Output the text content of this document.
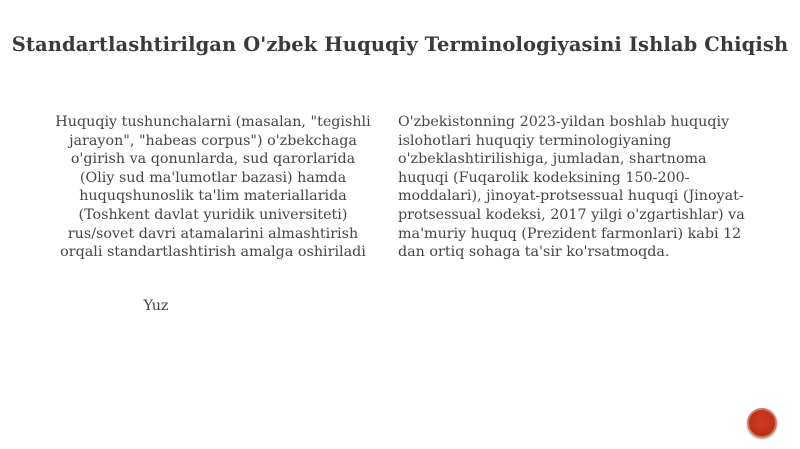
Standartlashtirilgan O'zbek Huquqiy Terminologiyasini Ishlab Chiqish
Huquqiy tushunchalarni (masalan, "tegishli jarayon", "habeas corpus") o'zbekchaga o'girish va qonunlarda, sud qarorlarida (Oliy sud ma'lumotlar bazasi) hamda huquqshunoslik ta'lim materiallarida (Toshkent davlat yuridik universiteti) rus/sovet davri atamalarini almashtirish orqali standartlashtirish amalga oshiriladi
O'zbekistonning 2023-yildan boshlab huquqiy islohotlari huquqiy terminologiyaning o'zbeklashtirilishiga, jumladan, shartnoma huquqi (Fuqarolik kodeksining 150-200-moddalari), jinoyat-protsessual huquqi (Jinoyat-protsessual kodeksi, 2017 yilgi o'zgartishlar) va ma'muriy huquq (Prezident farmonlari) kabi 12 dan ortiq sohaga ta'sir ko'rsatmoqda.
Yuz
